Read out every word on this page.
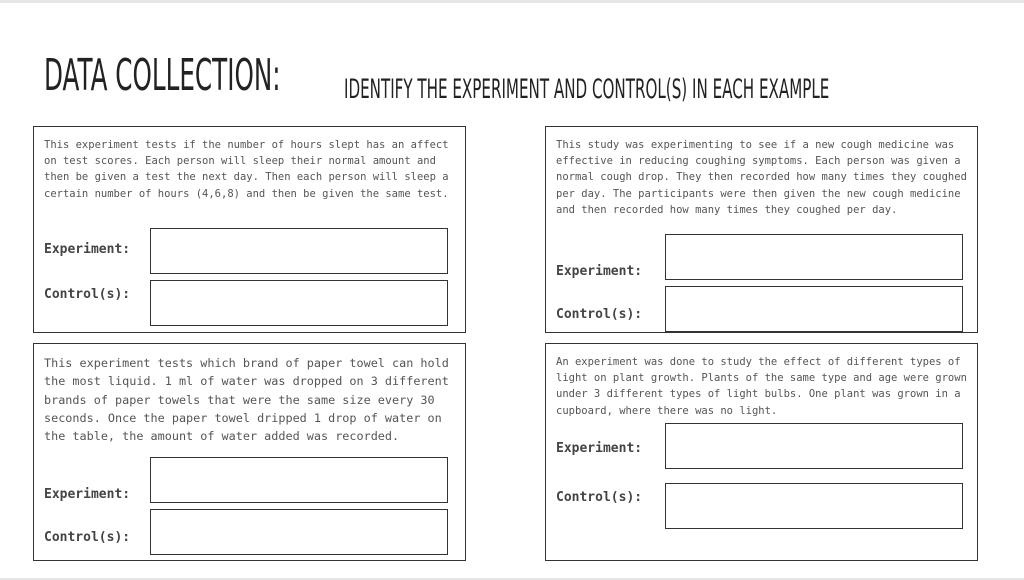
DATA COLLECTION: IDENTIFY THE EXPERIMENT AND CONTROL(S) IN EACH EXAMPLE
This experiment tests if the number of hours slept has an affect on test scores. Each person will sleep their normal amount and then be given a test the next day. Then each person will sleep a certain number of hours (4,6,8) and then be given the same test.
Experiment:
Control(s):
This study was experimenting to see if a new cough medicine was effective in reducing coughing symptoms. Each person was given a normal cough drop. They then recorded how many times they coughed per day. The participants were then given the new cough medicine and then recorded how many times they coughed per day.
Experiment:
Control(s):
This experiment tests which brand of paper towel can hold the most liquid. 1 ml of water was dropped on 3 different brands of paper towels that were the same size every 30 seconds. Once the paper towel dripped 1 drop of water on the table, the amount of water added was recorded.
Experiment:
Control(s):
An experiment was done to study the effect of different types of light on plant growth. Plants of the same type and age were grown under 3 different types of light bulbs. One plant was grown in a cupboard, where there was no light.
Experiment:
Control(s):
